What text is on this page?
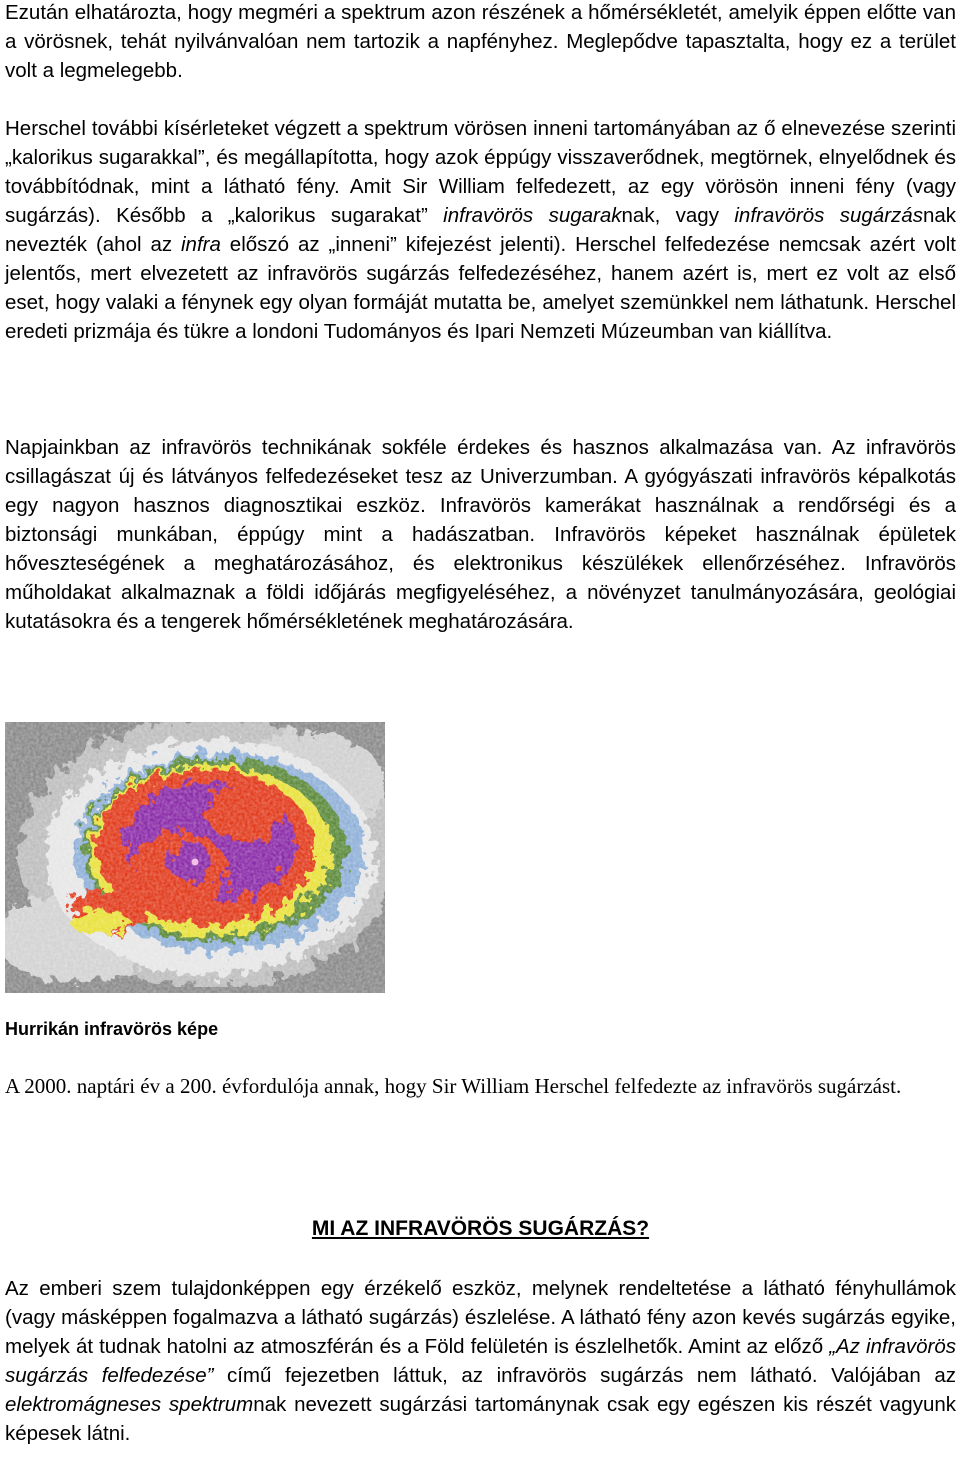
Ezután elhatározta, hogy megméri a spektrum azon részének a hőmérsékletét, amelyik éppen előtte van a vörösnek, tehát nyilvánvalóan nem tartozik a napfényhez. Meglepődve tapasztalta, hogy ez a terület volt a legmelegebb.

Herschel további kísérleteket végzett a spektrum vörösen inneni tartományában az ő elnevezése szerinti „kalorikus sugarakkal”, és megállapította, hogy azok éppúgy visszaverődnek, megtörnek, elnyelődnek és továbbítódnak, mint a látható fény. Amit Sir William felfedezett, az egy vörösön inneni fény (vagy sugárzás). Később a „kalorikus sugarakat” infravörös sugaraknak, vagy infravörös sugárzásnak nevezték (ahol az infra előszó az „inneni” kifejezést jelenti). Herschel felfedezése nemcsak azért volt jelentős, mert elvezetett az infravörös sugárzás felfedezéséhez, hanem azért is, mert ez volt az első eset, hogy valaki a fénynek egy olyan formáját mutatta be, amelyet szemünkkel nem láthatunk. Herschel eredeti prizmája és tükre a londoni Tudományos és Ipari Nemzeti Múzeumban van kiállítva.

Napjainkban az infravörös technikának sokféle érdekes és hasznos alkalmazása van. Az infravörös csillagászat új és látványos felfedezéseket tesz az Univerzumban. A gyógyászati infravörös képalkotás egy nagyon hasznos diagnosztikai eszköz. Infravörös kamerákat használnak a rendőrségi és a biztonsági munkában, éppúgy mint a hadászatban. Infravörös képeket használnak épületek hőveszteségének a meghatározásához, és elektronikus készülékek ellenőrzéséhez. Infravörös műholdakat alkalmaznak a földi időjárás megfigyeléséhez, a növényzet tanulmányozására, geológiai kutatásokra és a tengerek hőmérsékletének meghatározására.

Hurrikán infravörös képe

A 2000. naptári év a 200. évfordulója annak, hogy Sir William Herschel felfedezte az infravörös sugárzást.

MI AZ INFRAVÖRÖS SUGÁRZÁS?

Az emberi szem tulajdonképpen egy érzékelő eszköz, melynek rendeltetése a látható fényhullámok (vagy másképpen fogalmazva a látható sugárzás) észlelése. A látható fény azon kevés sugárzás egyike, melyek át tudnak hatolni az atmoszférán és a Föld felületén is észlelhetők. Amint az előző „Az infravörös sugárzás felfedezése” című fejezetben láttuk, az infravörös sugárzás nem látható. Valójában az elektromágneses spektrumnak nevezett sugárzási tartománynak csak egy egészen kis részét vagyunk képesek látni.
